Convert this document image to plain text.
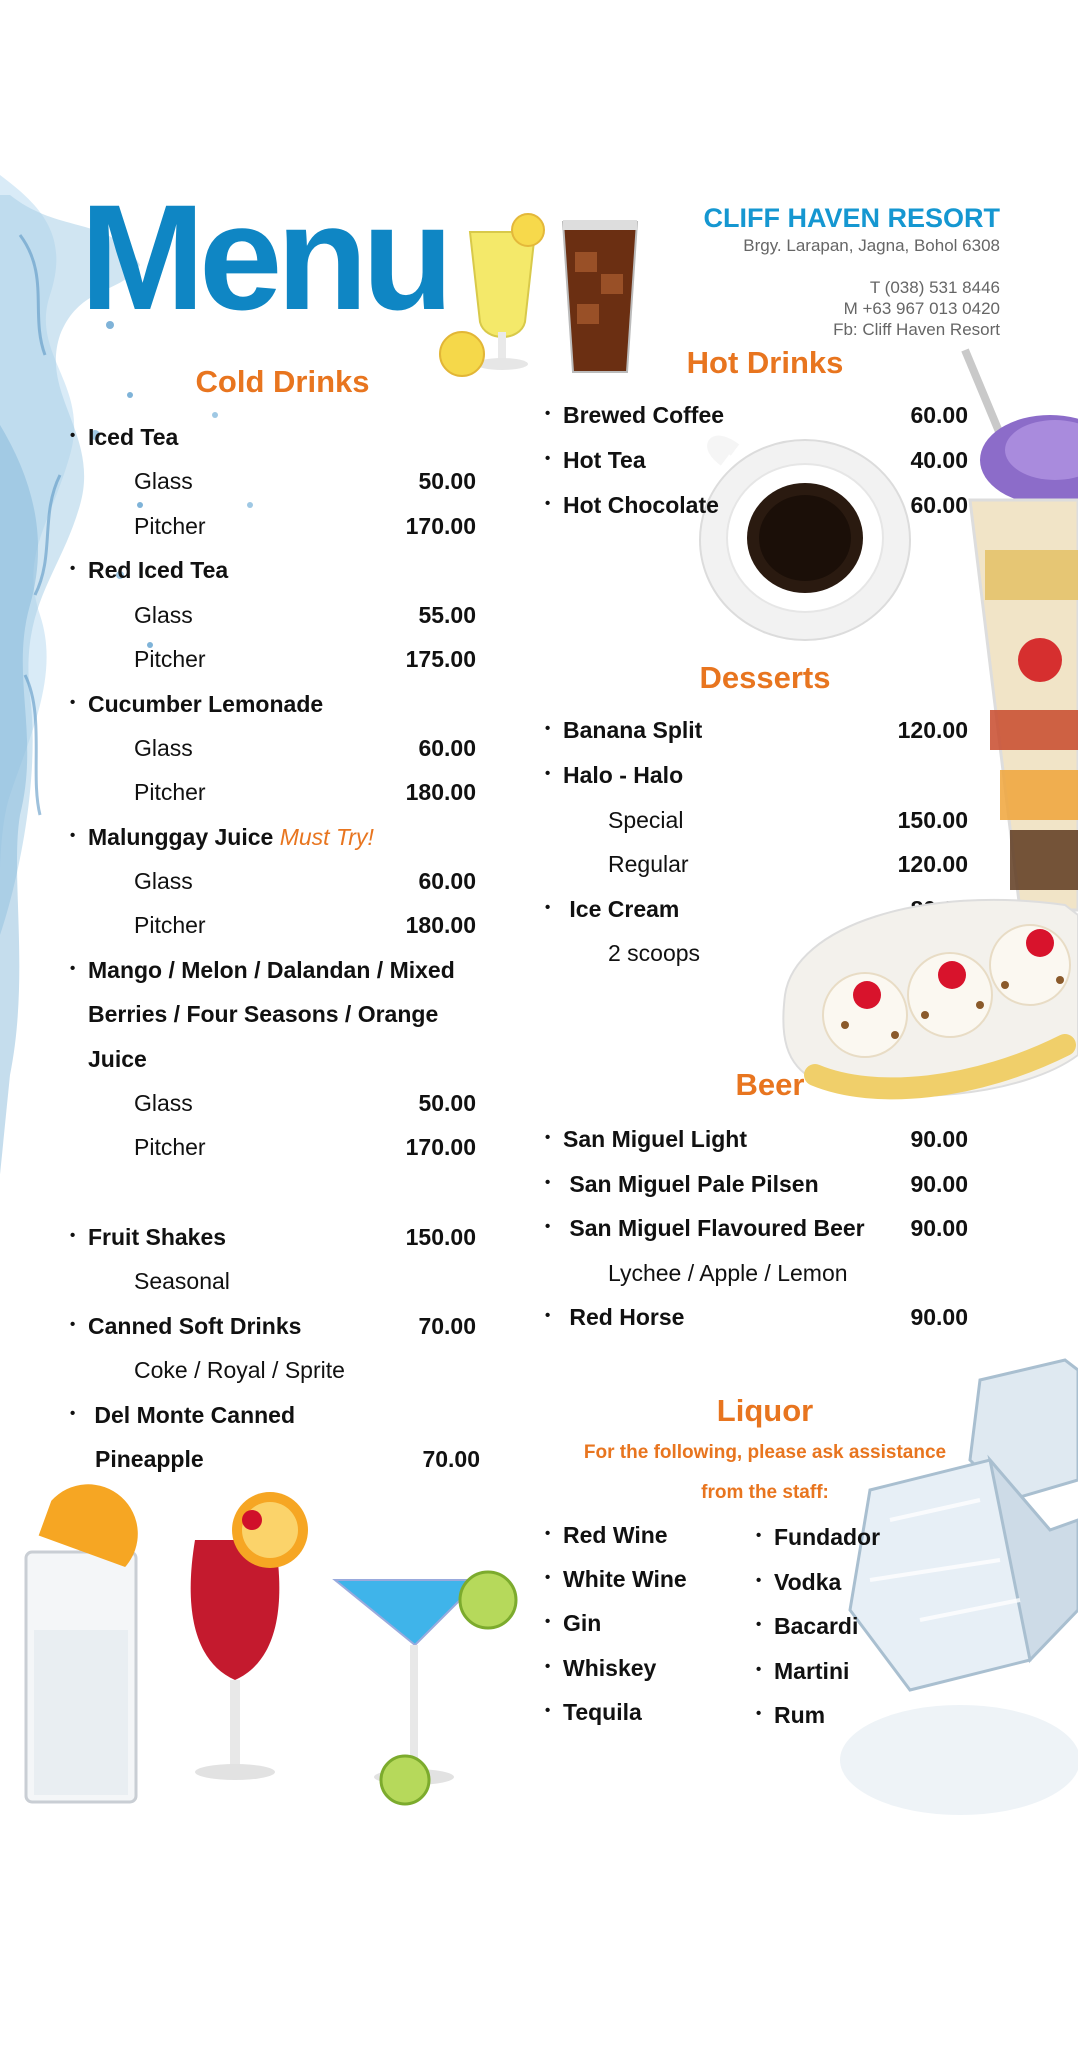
Menu	CLIFF HAVEN RESORT
Brgy. Larapan, Jagna, Bohol 6308
T (038) 531 8446
M +63 967 013 0420
Fb: Cliff Haven Resort
Cold Drinks
• Iced Tea
Glass	50.00
Pitcher	170.00
• Red Iced Tea
Glass	55.00
Pitcher	175.00
• Cucumber Lemonade
Glass	60.00
Pitcher	180.00
• Malunggay Juice Must Try!
Glass	60.00
Pitcher	180.00
• Mango / Melon / Dalandan / Mixed
Berries / Four Seasons / Orange
Juice
Glass	50.00
Pitcher	170.00
• Fruit Shakes	150.00
Seasonal
• Canned Soft Drinks	70.00
Coke / Royal / Sprite
• Del Monte Canned
Pineapple	70.00
Hot Drinks
• Brewed Coffee	60.00
• Hot Tea	40.00
• Hot Chocolate	60.00
Desserts
• Banana Split	120.00
• Halo - Halo
Special	150.00
Regular	120.00
• Ice Cream
2 scoops
Beer
• San Miguel Light	90.00
• San Miguel Pale Pilsen	90.00
• San Miguel Flavoured Beer	90.00
Lychee / Apple / Lemon
• Red Horse	90.00
Liquor
For the following, please ask assistance
from the staff:
• Red Wine
• White Wine
• Gin
• Whiskey
• Tequila
• Fundador
• Vodka
• Bacardi
• Martini
• Rum
